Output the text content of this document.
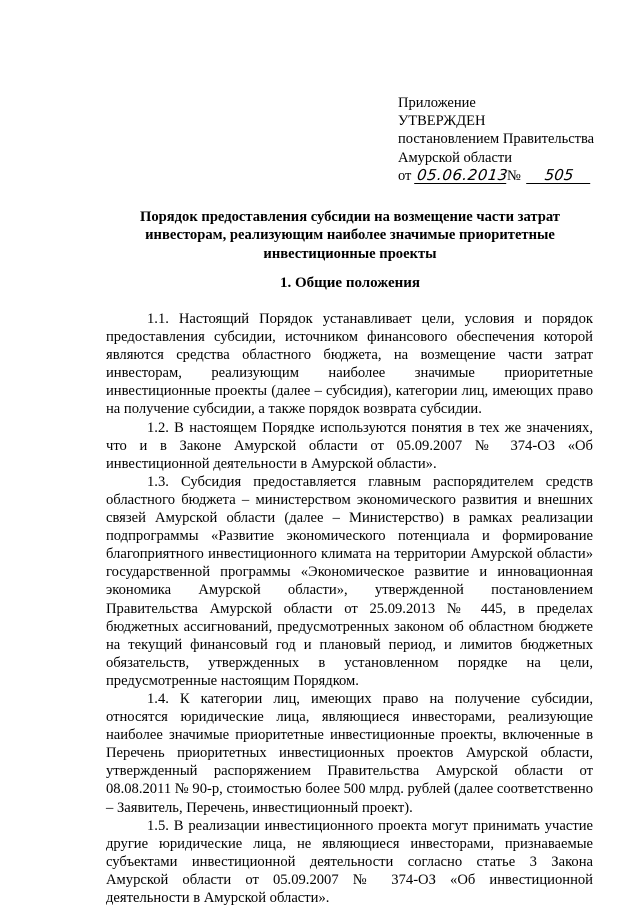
Приложение
УТВЕРЖДЕН
постановлением Правительства
Амурской области
от 05.06.2013№ 505
Порядок предоставления субсидии на возмещение части затрат инвесторам, реализующим наиболее значимые приоритетные инвестиционные проекты
1. Общие положения

1.1. Настоящий Порядок устанавливает цели, условия и порядок предоставления субсидии, источником финансового обеспечения которой являются средства областного бюджета, на возмещение части затрат инвесторам, реализующим наиболее значимые приоритетные инвестиционные проекты (далее – субсидия), категории лиц, имеющих право на получение субсидии, а также порядок возврата субсидии.

1.2. В настоящем Порядке используются понятия в тех же значениях, что и в Законе Амурской области от 05.09.2007 № 374-ОЗ «Об инвестиционной деятельности в Амурской области».

1.3. Субсидия предоставляется главным распорядителем средств областного бюджета – министерством экономического развития и внешних связей Амурской области (далее – Министерство) в рамках реализации подпрограммы «Развитие экономического потенциала и формирование благоприятного инвестиционного климата на территории Амурской области» государственной программы «Экономическое развитие и инновационная экономика Амурской области», утвержденной постановлением Правительства Амурской области от 25.09.2013 № 445, в пределах бюджетных ассигнований, предусмотренных законом об областном бюджете на текущий финансовый год и плановый период, и лимитов бюджетных обязательств, утвержденных в установленном порядке на цели, предусмотренные настоящим Порядком.

1.4. К категории лиц, имеющих право на получение субсидии, относятся юридические лица, являющиеся инвесторами, реализующие наиболее значимые приоритетные инвестиционные проекты, включенные в Перечень приоритетных инвестиционных проектов Амурской области, утвержденный распоряжением Правительства Амурской области от 08.08.2011 № 90-р, стоимостью более 500 млрд. рублей (далее соответственно – Заявитель, Перечень, инвестиционный проект).

1.5. В реализации инвестиционного проекта могут принимать участие другие юридические лица, не являющиеся инвесторами, признаваемые субъектами инвестиционной деятельности согласно статье 3 Закона Амурской области от 05.09.2007 № 374-ОЗ «Об инвестиционной деятельности в Амурской области».
